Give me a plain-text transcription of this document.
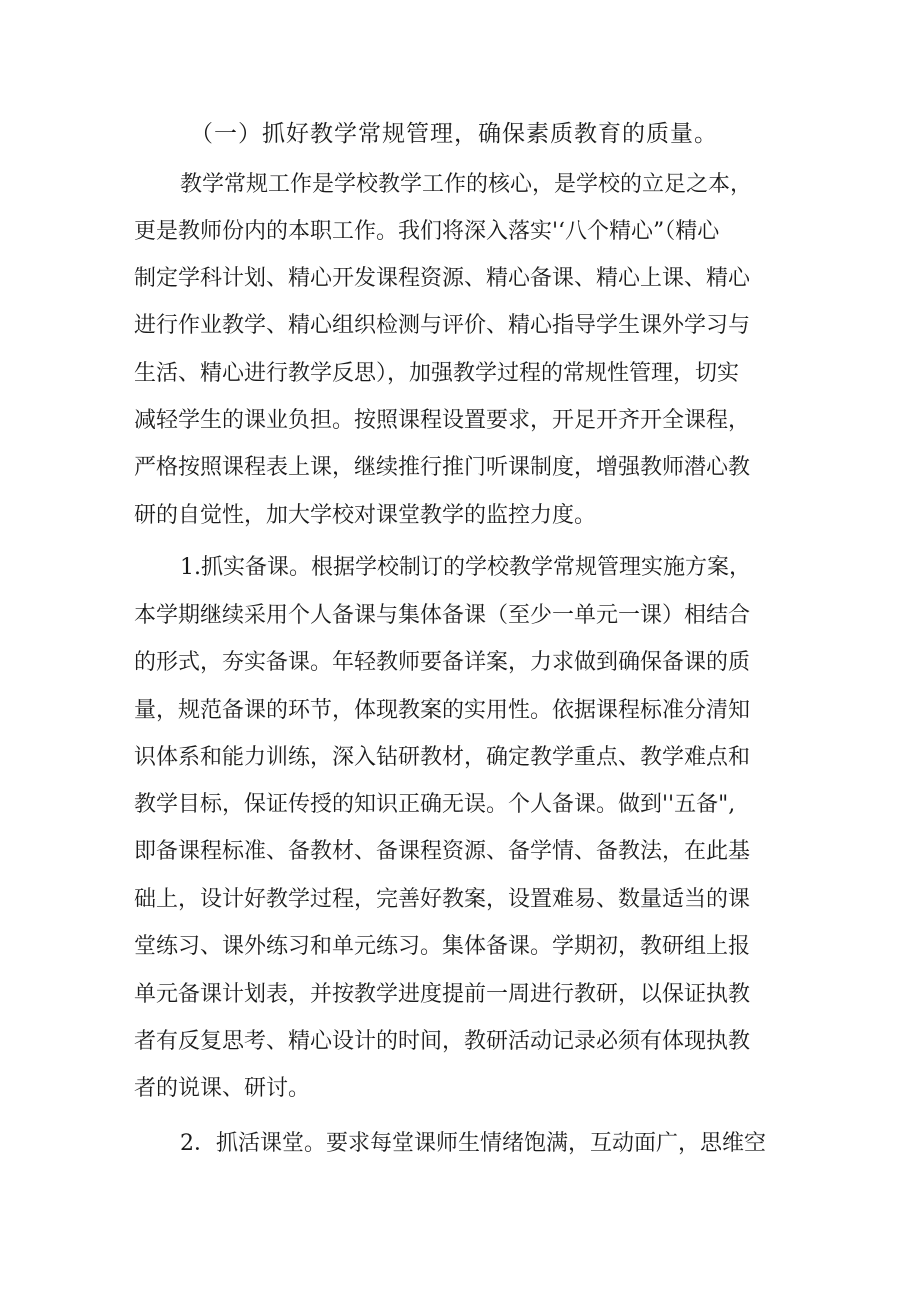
（一）抓好教学常规管理，确保素质教育的质量。
教学常规工作是学校教学工作的核心，是学校的立足之本，
更是教师份内的本职工作。我们将深入落实'‘八个精心”（精心
制定学科计划、精心开发课程资源、精心备课、精心上课、精心
进行作业教学、精心组织检测与评价、精心指导学生课外学习与
生活、精心进行教学反思），加强教学过程的常规性管理，切实
减轻学生的课业负担。按照课程设置要求，开足开齐开全课程，
严格按照课程表上课，继续推行推门听课制度，增强教师潜心教
研的自觉性，加大学校对课堂教学的监控力度。
1.抓实备课。根据学校制订的学校教学常规管理实施方案，
本学期继续采用个人备课与集体备课（至少一单元一课）相结合
的形式，夯实备课。年轻教师要备详案，力求做到确保备课的质
量，规范备课的环节，体现教案的实用性。依据课程标准分清知
识体系和能力训练，深入钻研教材，确定教学重点、教学难点和
教学目标，保证传授的知识正确无误。个人备课。做到''五备",
即备课程标准、备教材、备课程资源、备学情、备教法，在此基
础上，设计好教学过程，完善好教案，设置难易、数量适当的课
堂练习、课外练习和单元练习。集体备课。学期初，教研组上报
单元备课计划表，并按教学进度提前一周进行教研，以保证执教
者有反复思考、精心设计的时间，教研活动记录必须有体现执教
者的说课、研讨。
2．抓活课堂。要求每堂课师生情绪饱满，互动面广，思维空
